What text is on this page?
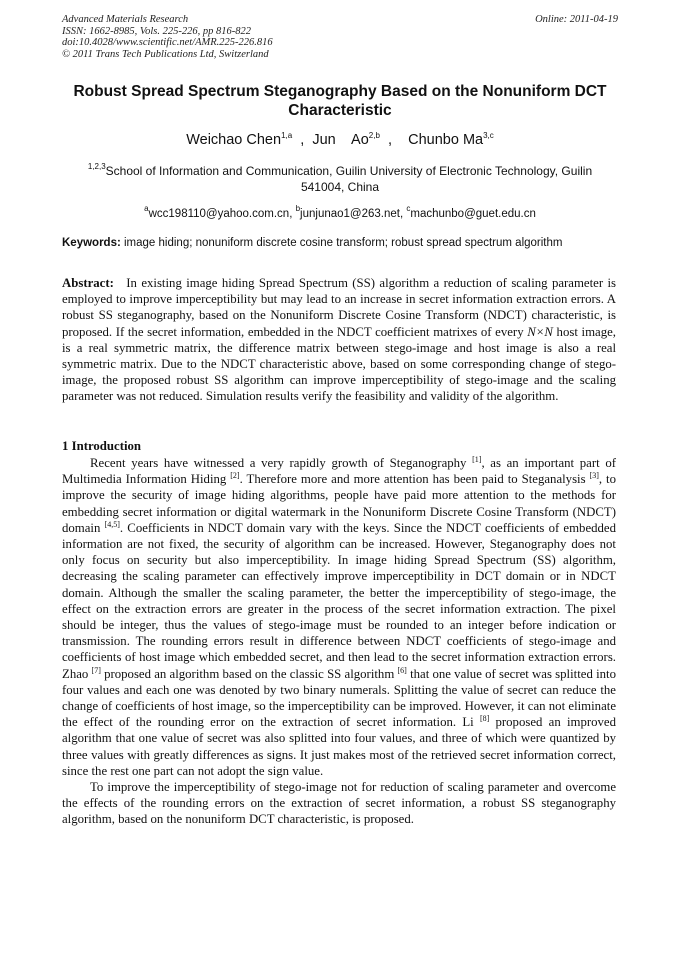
Advanced Materials Research
ISSN: 1662-8985, Vols. 225-226, pp 816-822
doi:10.4028/www.scientific.net/AMR.225-226.816
© 2011 Trans Tech Publications Ltd, Switzerland
Online: 2011-04-19
Robust Spread Spectrum Steganography Based on the Nonuniform DCT Characteristic
Weichao Chen$^{1,a}$  ,  Jun    Ao$^{2,b}$  ,    Chunbo Ma$^{3,c}$
$^{1,2,3}$School of Information and Communication, Guilin University of Electronic Technology, Guilin 541004, China
$^a$wcc198110@yahoo.com.cn, $^b$junjunao1@263.net, $^c$machunbo@guet.edu.cn
Keywords: image hiding; nonuniform discrete cosine transform; robust spread spectrum algorithm
Abstract: In existing image hiding Spread Spectrum (SS) algorithm a reduction of scaling parameter is employed to improve imperceptibility but may lead to an increase in secret information extraction errors. A robust SS steganography, based on the Nonuniform Discrete Cosine Transform (NDCT) characteristic, is proposed. If the secret information, embedded in the NDCT coefficient matrixes of every N×N host image, is a real symmetric matrix, the difference matrix between stego-image and host image is also a real symmetric matrix. Due to the NDCT characteristic above, based on some corresponding change of stego-image, the proposed robust SS algorithm can improve imperceptibility of stego-image and the scaling parameter was not reduced. Simulation results verify the feasibility and validity of the algorithm.
1 Introduction

Recent years have witnessed a very rapidly growth of Steganography [1], as an important part of Multimedia Information Hiding [2]. Therefore more and more attention has been paid to Steganalysis [3], to improve the security of image hiding algorithms, people have paid more attention to the methods for embedding secret information or digital watermark in the Nonuniform Discrete Cosine Transform (NDCT) domain [4,5]. Coefficients in NDCT domain vary with the keys. Since the NDCT coefficients of embedded information are not fixed, the security of algorithm can be increased. However, Steganography does not only focus on security but also imperceptibility. In image hiding Spread Spectrum (SS) algorithm, decreasing the scaling parameter can effectively improve imperceptibility in DCT domain or in NDCT domain. Although the smaller the scaling parameter, the better the imperceptibility of stego-image, the effect on the extraction errors are greater in the process of the secret information extraction. The pixel should be integer, thus the values of stego-image must be rounded to an integer before indication or transmission. The rounding errors result in difference between NDCT coefficients of stego-image and coefficients of host image which embedded secret, and then lead to the secret information extraction errors. Zhao [7] proposed an algorithm based on the classic SS algorithm [6] that one value of secret was splitted into four values and each one was denoted by two binary numerals. Splitting the value of secret can reduce the change of coefficients of host image, so the imperceptibility can be improved. However, it can not eliminate the effect of the rounding error on the extraction of secret information. Li [8] proposed an improved algorithm that one value of secret was also splitted into four values, and three of which were quantized by three values with greatly differences as signs. It just makes most of the retrieved secret information correct, since the rest one part can not adopt the sign value.

To improve the imperceptibility of stego-image not for reduction of scaling parameter and overcome the effects of the rounding errors on the extraction of secret information, a robust SS steganography algorithm, based on the nonuniform DCT characteristic, is proposed.
